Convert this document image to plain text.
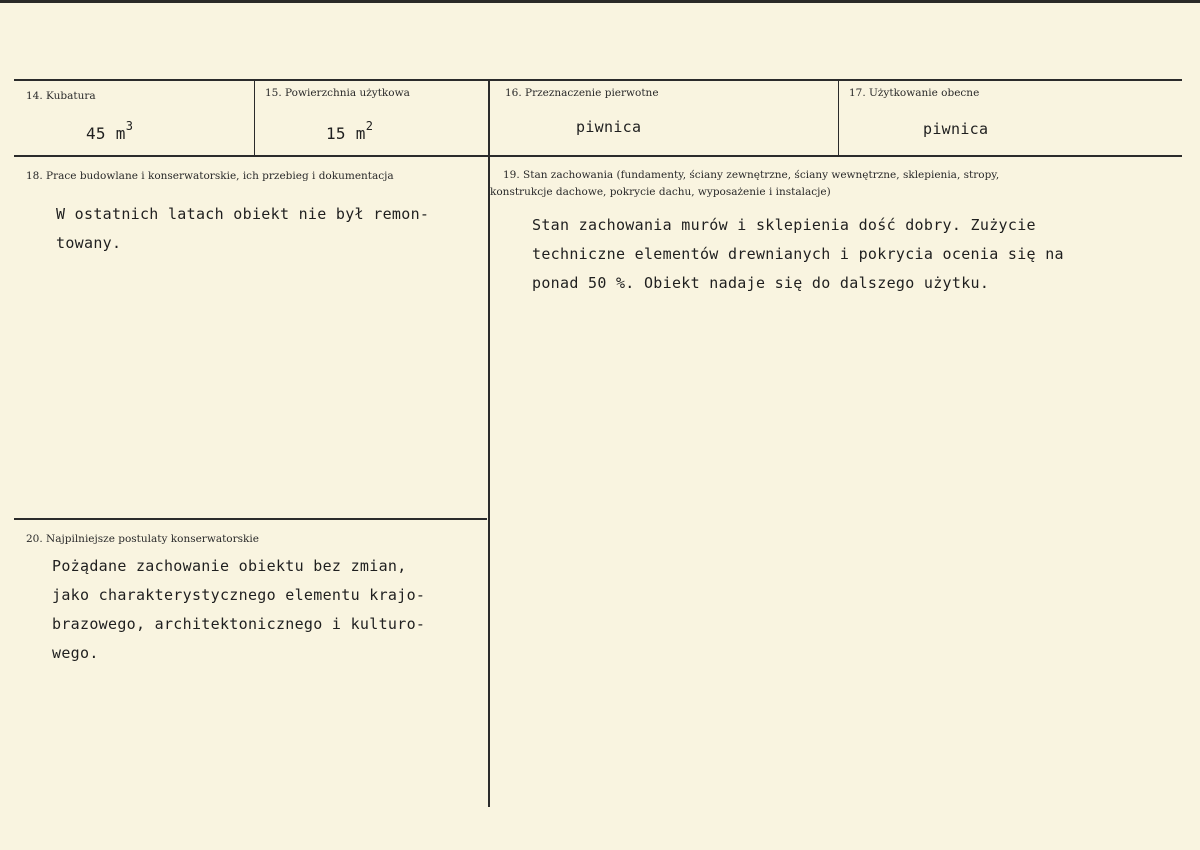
14. Kubatura
45 $m^3$
15. Powierzchnia użytkowa
15 $m^2$
16. Przeznaczenie pierwotne
piwnica
17. Użytkowanie obecne
piwnica
18. Prace budowlane i konserwatorskie, ich przebieg i dokumentacja
W ostatnich latach obiekt nie był remon-
towany.
19. Stan zachowania (fundamenty, ściany zewnętrzne, ściany wewnętrzne, sklepienia, stropy,
konstrukcje dachowe, pokrycie dachu, wyposażenie i instalacje)
Stan zachowania murów i sklepienia dość dobry. Zużycie
techniczne elementów drewnianych i pokrycia ocenia się na
ponad 50 %. Obiekt nadaje się do dalszego użytku.
20. Najpilniejsze postulaty konserwatorskie
Pożądane zachowanie obiektu bez zmian,
jako charakterystycznego elementu krajo-
brazowego, architektonicznego i kulturo-
wego.
